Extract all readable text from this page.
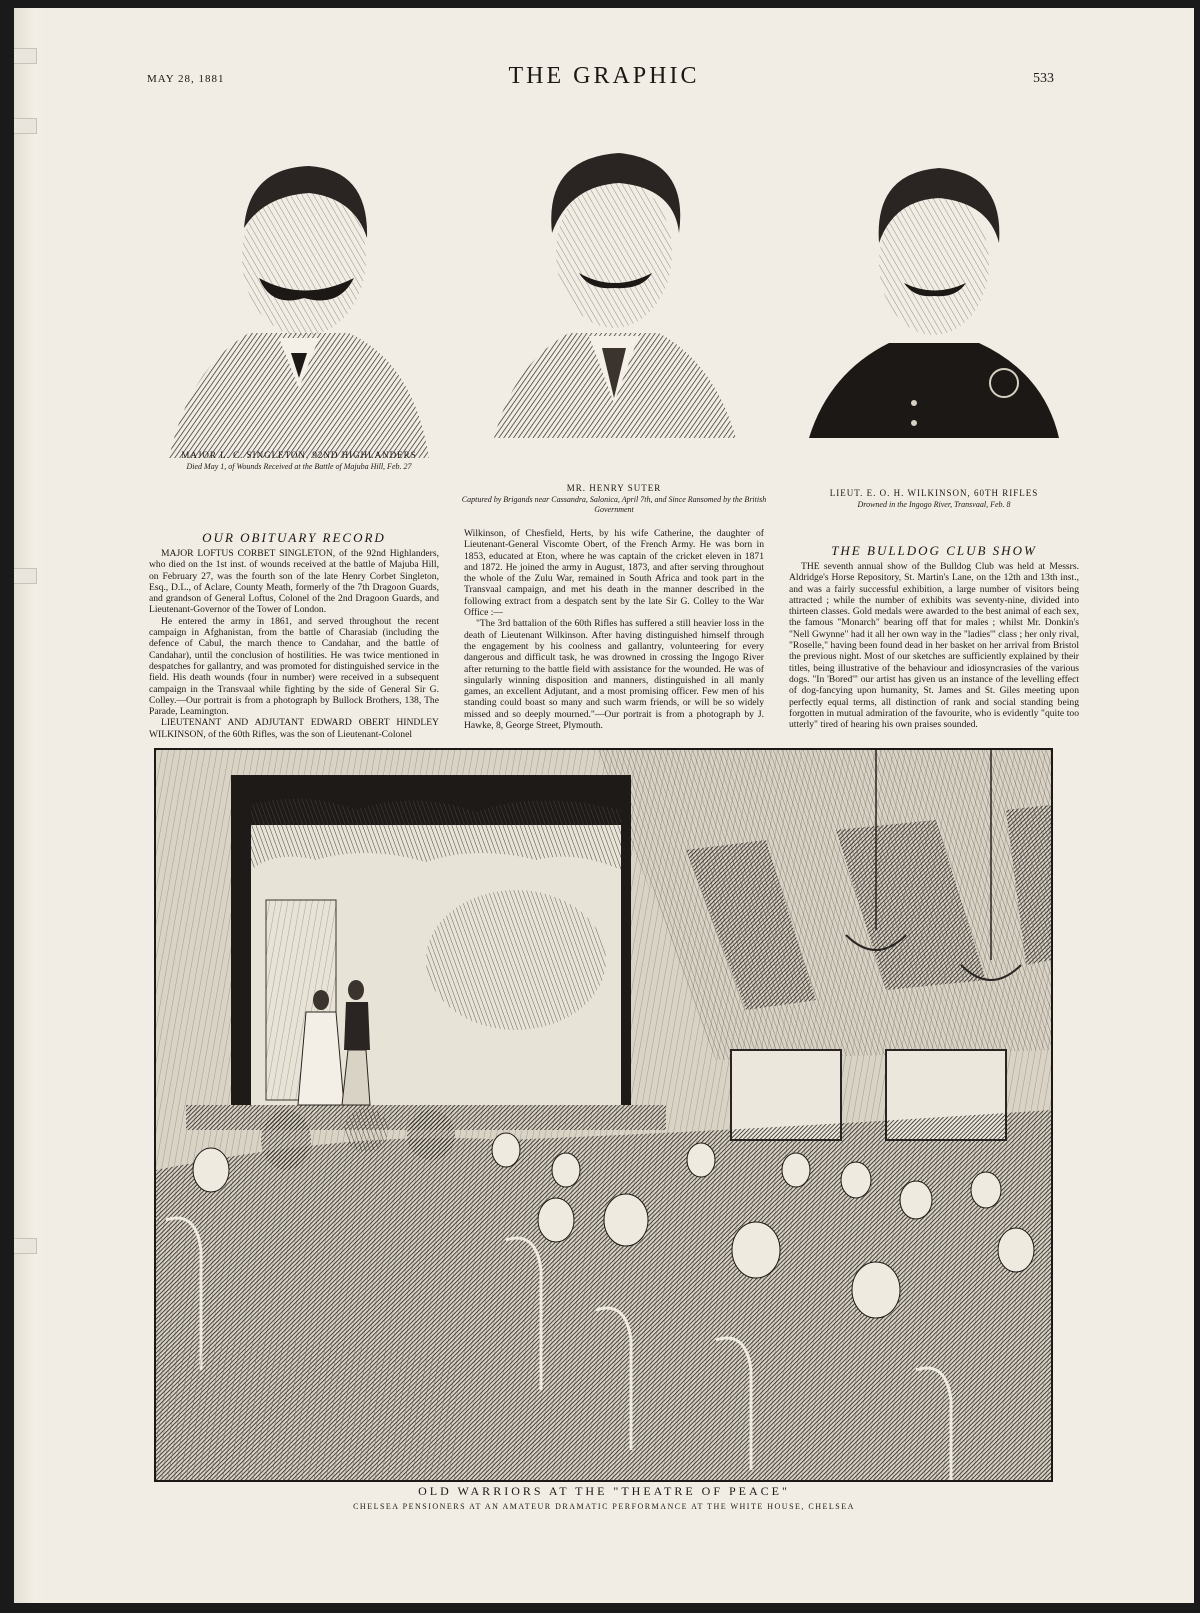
MAY 28, 1881	THE GRAPHIC	533
MAJOR L. C. SINGLETON, 92ND HIGHLANDERS
Died May 1, of Wounds Received at the Battle of Majuba Hill, Feb. 27
MR. HENRY SUTER
Captured by Brigands near Cassandra, Salonica, April 7th, and Since Ransomed by the British Government
LIEUT. E. O. H. WILKINSON, 60TH RIFLES
Drowned in the Ingogo River, Transvaal, Feb. 8
OUR OBITUARY RECORD

MAJOR LOFTUS CORBET SINGLETON, of the 92nd Highlanders, who died on the 1st inst. of wounds received at the battle of Majuba Hill, on February 27, was the fourth son of the late Henry Corbet Singleton, Esq., D.L., of Aclare, County Meath, formerly of the 7th Dragoon Guards, and grandson of General Loftus, Colonel of the 2nd Dragoon Guards, and Lieutenant-Governor of the Tower of London.

He entered the army in 1861, and served throughout the recent campaign in Afghanistan, from the battle of Charasiab (including the defence of Cabul, the march thence to Candahar, and the battle of Candahar), until the conclusion of hostilities. He was twice mentioned in despatches for gallantry, and was promoted for distinguished service in the field. His death wounds (four in number) were received in a subsequent campaign in the Transvaal while fighting by the side of General Sir G. Colley.—Our portrait is from a photograph by Bullock Brothers, 138, The Parade, Leamington.

LIEUTENANT AND ADJUTANT EDWARD OBERT HINDLEY WILKINSON, of the 60th Rifles, was the son of Lieutenant-Colonel

Wilkinson, of Chesfield, Herts, by his wife Catherine, the daughter of Lieutenant-General Viscomte Obert, of the French Army. He was born in 1853, educated at Eton, where he was captain of the cricket eleven in 1871 and 1872. He joined the army in August, 1873, and after serving throughout the whole of the Zulu War, remained in South Africa and took part in the Transvaal campaign, and met his death in the manner described in the following extract from a despatch sent by the late Sir G. Colley to the War Office :—

"The 3rd battalion of the 60th Rifles has suffered a still heavier loss in the death of Lieutenant Wilkinson. After having distinguished himself through the engagement by his coolness and gallantry, volunteering for every dangerous and difficult task, he was drowned in crossing the Ingogo River after returning to the battle field with assistance for the wounded. He was of singularly winning disposition and manners, distinguished in all manly games, an excellent Adjutant, and a most promising officer. Few men of his standing could boast so many and such warm friends, or will be so widely missed and so deeply mourned."—Our portrait is from a photograph by J. Hawke, 8, George Street, Plymouth.

THE BULLDOG CLUB SHOW

THE seventh annual show of the Bulldog Club was held at Messrs. Aldridge's Horse Repository, St. Martin's Lane, on the 12th and 13th inst., and was a fairly successful exhibition, a large number of visitors being attracted ; while the number of exhibits was seventy-nine, divided into thirteen classes. Gold medals were awarded to the best animal of each sex, the famous "Monarch" bearing off that for males ; whilst Mr. Donkin's "Nell Gwynne" had it all her own way in the "ladies'" class ; her only rival, "Roselle," having been found dead in her basket on her arrival from Bristol the previous night. Most of our sketches are sufficiently explained by their titles, being illustrative of the behaviour and idiosyncrasies of the various dogs. "In 'Bored'" our artist has given us an instance of the levelling effect of dog-fancying upon humanity, St. James and St. Giles meeting upon perfectly equal terms, all distinction of rank and social standing being forgotten in mutual admiration of the favourite, who is evidently "quite too utterly" tired of hearing his own praises sounded.

OLD WARRIORS AT THE "THEATRE OF PEACE"
CHELSEA PENSIONERS AT AN AMATEUR DRAMATIC PERFORMANCE AT THE WHITE HOUSE, CHELSEA
